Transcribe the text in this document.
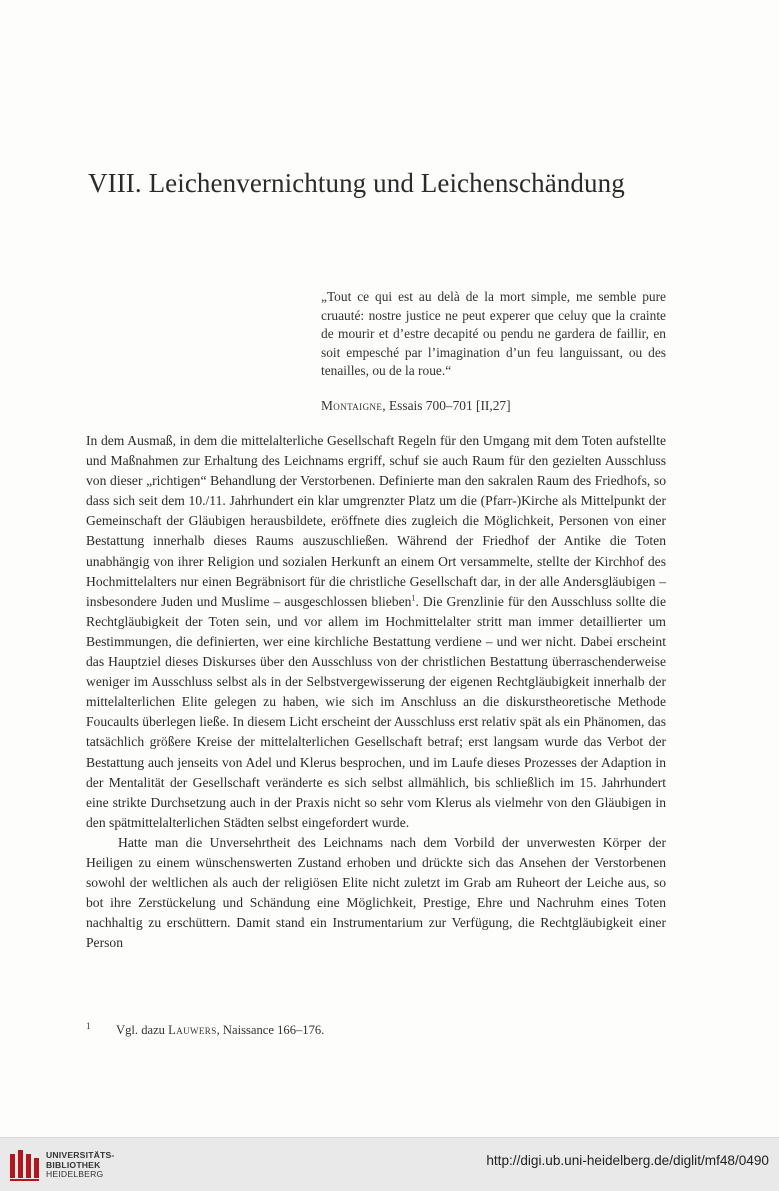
VIII. Leichenvernichtung und Leichenschändung
„Tout ce qui est au delà de la mort simple, me semble pure cruauté: nostre justice ne peut experer que celuy que la crainte de mourir et d’estre decapité ou pendu ne gardera de faillir, en soit empesché par l’imagination d’un feu languissant, ou des tenailles, ou de la roue.“
Montaigne, Essais 700–701 [II,27]

In dem Ausmaß, in dem die mittelalterliche Gesellschaft Regeln für den Umgang mit dem Toten aufstellte und Maßnahmen zur Erhaltung des Leichnams ergriff, schuf sie auch Raum für den gezielten Ausschluss von dieser „richtigen“ Behandlung der Verstorbenen. Definierte man den sakralen Raum des Friedhofs, so dass sich seit dem 10./11. Jahrhundert ein klar umgrenzter Platz um die (Pfarr-)Kirche als Mittelpunkt der Gemeinschaft der Gläubigen herausbildete, eröffnete dies zugleich die Möglichkeit, Personen von einer Bestattung innerhalb dieses Raums auszuschließen. Während der Friedhof der Antike die Toten unabhängig von ihrer Religion und sozialen Herkunft an einem Ort versammelte, stellte der Kirchhof des Hochmittelalters nur einen Begräbnisort für die christliche Gesellschaft dar, in der alle Andersgläubigen – insbesondere Juden und Muslime – ausgeschlossen blieben$^1$. Die Grenzlinie für den Ausschluss sollte die Rechtgläubigkeit der Toten sein, und vor allem im Hochmittelalter stritt man immer detaillierter um Bestimmungen, die definierten, wer eine kirchliche Bestattung verdiene – und wer nicht. Dabei erscheint das Hauptziel dieses Diskurses über den Ausschluss von der christlichen Bestattung überraschenderweise weniger im Ausschluss selbst als in der Selbstvergewisserung der eigenen Rechtgläubigkeit innerhalb der mittelalterlichen Elite gelegen zu haben, wie sich im Anschluss an die diskurstheoretische Methode Foucaults überlegen ließe. In diesem Licht erscheint der Ausschluss erst relativ spät als ein Phänomen, das tatsächlich größere Kreise der mittelalterlichen Gesellschaft betraf; erst langsam wurde das Verbot der Bestattung auch jenseits von Adel und Klerus besprochen, und im Laufe dieses Prozesses der Adaption in der Mentalität der Gesellschaft veränderte es sich selbst allmählich, bis schließlich im 15. Jahrhundert eine strikte Durchsetzung auch in der Praxis nicht so sehr vom Klerus als vielmehr von den Gläubigen in den spätmittelalterlichen Städten selbst eingefordert wurde.

Hatte man die Unversehrtheit des Leichnams nach dem Vorbild der unverwesten Körper der Heiligen zu einem wünschenswerten Zustand erhoben und drückte sich das Ansehen der Verstorbenen sowohl der weltlichen als auch der religiösen Elite nicht zuletzt im Grab am Ruheort der Leiche aus, so bot ihre Zerstückelung und Schändung eine Möglichkeit, Prestige, Ehre und Nachruhm eines Toten nachhaltig zu erschüttern. Damit stand ein Instrumentarium zur Verfügung, die Rechtgläubigkeit einer Person

1 Vgl. dazu Lauwers, Naissance 166–176.
UNIVERSITÄTS-
BIBLIOTHEK
HEIDELBERG
http://digi.ub.uni-heidelberg.de/diglit/mf48/0490
